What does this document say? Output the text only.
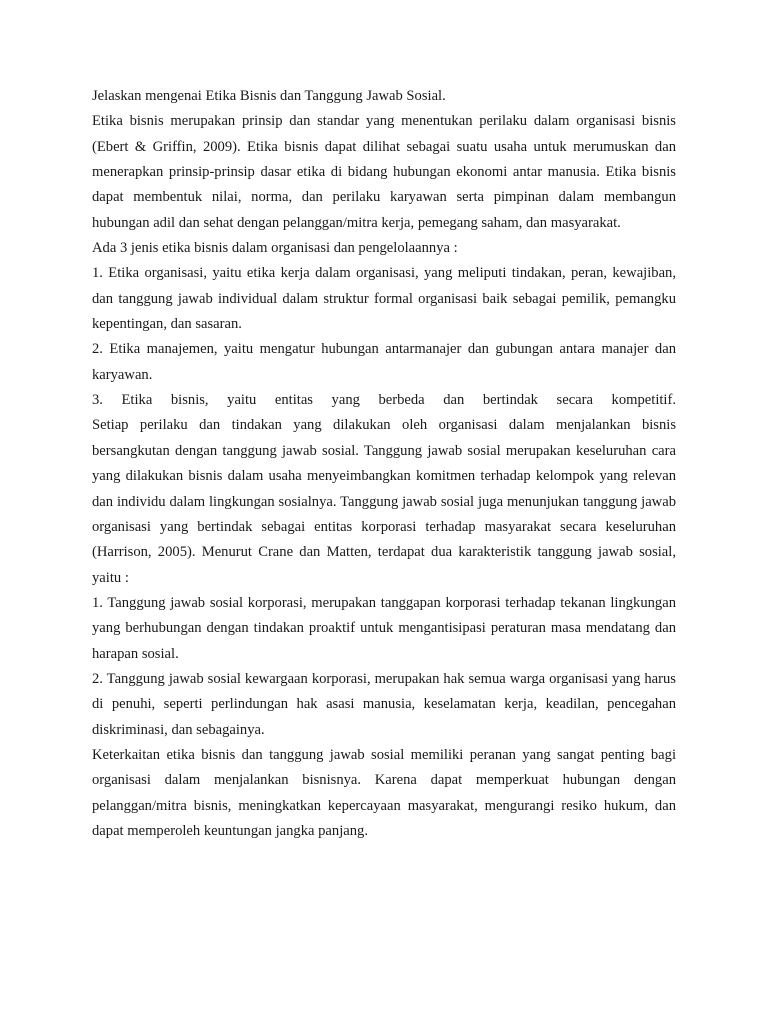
Jelaskan mengenai Etika Bisnis dan Tanggung Jawab Sosial.

Etika bisnis merupakan prinsip dan standar yang menentukan perilaku dalam organisasi bisnis (Ebert & Griffin, 2009). Etika bisnis dapat dilihat sebagai suatu usaha untuk merumuskan dan menerapkan prinsip-prinsip dasar etika di bidang hubungan ekonomi antar manusia. Etika bisnis dapat membentuk nilai, norma, dan perilaku karyawan serta pimpinan dalam membangun hubungan adil dan sehat dengan pelanggan/mitra kerja, pemegang saham, dan masyarakat.

Ada 3 jenis etika bisnis dalam organisasi dan pengelolaannya :

1. Etika organisasi, yaitu etika kerja dalam organisasi, yang meliputi tindakan, peran, kewajiban, dan tanggung jawab individual dalam struktur formal organisasi baik sebagai pemilik, pemangku kepentingan, dan sasaran.

2. Etika manajemen, yaitu mengatur hubungan antarmanajer dan gubungan antara manajer dan karyawan.

3. Etika bisnis, yaitu entitas yang berbeda dan bertindak secara kompetitif.

Setiap perilaku dan tindakan yang dilakukan oleh organisasi dalam menjalankan bisnis bersangkutan dengan tanggung jawab sosial. Tanggung jawab sosial merupakan keseluruhan cara yang dilakukan bisnis dalam usaha menyeimbangkan komitmen terhadap kelompok yang relevan dan individu dalam lingkungan sosialnya. Tanggung jawab sosial juga menunjukan tanggung jawab organisasi yang bertindak sebagai entitas korporasi terhadap masyarakat secara keseluruhan (Harrison, 2005). Menurut Crane dan Matten, terdapat dua karakteristik tanggung jawab sosial, yaitu :

1. Tanggung jawab sosial korporasi, merupakan tanggapan korporasi terhadap tekanan lingkungan yang berhubungan dengan tindakan proaktif untuk mengantisipasi peraturan masa mendatang dan harapan sosial.

2. Tanggung jawab sosial kewargaan korporasi, merupakan hak semua warga organisasi yang harus di penuhi, seperti perlindungan hak asasi manusia, keselamatan kerja, keadilan, pencegahan diskriminasi, dan sebagainya.

Keterkaitan etika bisnis dan tanggung jawab sosial memiliki peranan yang sangat penting bagi organisasi dalam menjalankan bisnisnya. Karena dapat memperkuat hubungan dengan pelanggan/mitra bisnis, meningkatkan kepercayaan masyarakat, mengurangi resiko hukum, dan dapat memperoleh keuntungan jangka panjang.
